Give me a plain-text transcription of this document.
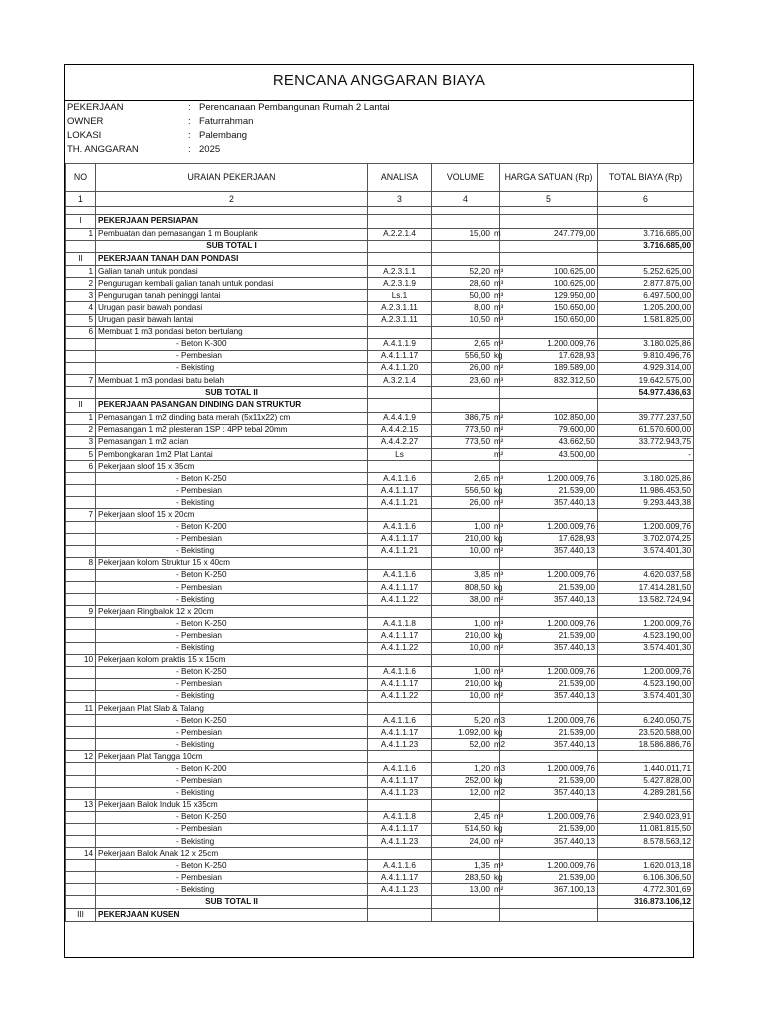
RENCANA ANGGARAN BIAYA
PEKERJAAN	: Perencanaan Pembangunan Rumah 2 Lantai
OWNER	: Faturrahman
LOKASI	: Palembang
TH. ANGGARAN	: 2025
NO	URAIAN PEKERJAAN	ANALISA	VOLUME	HARGA SATUAN (Rp)	TOTAL BIAYA (Rp)
1	2	3	4	5	6

I	PEKERJAAN PERSIAPAN				
1	Pembuatan dan pemasangan 1 m Bouplank	A.2.2.1.4	15,00 m	247.779,00	3.716.685,00
	SUB TOTAL I				3.716.685,00
II	PEKERJAAN TANAH DAN PONDASI				
1	Galian tanah untuk pondasi	A.2.3.1.1	52,20 m³	100.625,00	5.252.625,00
2	Pengurugan kembali galian tanah untuk pondasi	A.2.3.1.9	28,60 m³	100.625,00	2.877.875,00
3	Pengurugan tanah peninggi lantai	Ls.1	50,00 m³	129.950,00	6.497.500,00
4	Urugan pasir bawah pondasi	A.2.3.1.11	8,00 m³	150.650,00	1.205.200,00
5	Urugan pasir bawah lantai	A.2.3.1.11	10,50 m³	150.650,00	1.581.825,00
6	Membuat 1 m3 pondasi beton bertulang				
	- Beton K-300	A.4.1.1.9	2,65 m³	1.200.009,76	3.180.025,86
	- Pembesian	A.4.1.1.17	556,50 kg	17.628,93	9.810.496,76
	- Bekisting	A.4.1.1.20	26,00 m²	189.589,00	4.929.314,00
7	Membuat 1 m3 pondasi batu belah	A.3.2.1.4	23,60 m³	832.312,50	19.642.575,00
	SUB TOTAL II				54.977.436,63
II	PEKERJAAN PASANGAN DINDING DAN STRUKTUR				
1	Pemasangan 1 m2 dinding bata merah (5x11x22) cm	A.4.4.1.9	386,75 m²	102.850,00	39.777.237,50
2	Pemasangan 1 m2 plesteran 1SP : 4PP tebal 20mm	A.4.4.2.15	773,50 m²	79.600,00	61.570.600,00
3	Pemasangan 1 m2 acian	A.4.4.2.27	773,50 m²	43.662,50	33.772.943,75
5	Pembongkaran 1m2 Plat Lantai	Ls	m²	43.500,00	-
6	Pekerjaan sloof 15 x 35cm				
	- Beton K-250	A.4.1.1.6	2,65 m³	1.200.009,76	3.180.025,86
	- Pembesian	A.4.1.1.17	556,50 kg	21.539,00	11.986.453,50
	- Bekisting	A.4.1.1.21	26,00 m²	357.440,13	9.293.443,38
7	Pekerjaan sloof 15 x 20cm				
	- Beton K-200	A.4.1.1.6	1,00 m³	1.200.009,76	1.200.009,76
	- Pembesian	A.4.1.1.17	210,00 kg	17.628,93	3.702.074,25
	- Bekisting	A.4.1.1.21	10,00 m²	357.440,13	3.574.401,30
8	Pekerjaan kolom Struktur 15 x 40cm				
	- Beton K-250	A.4.1.1.6	3,85 m³	1.200.009,76	4.620.037,58
	- Pembesian	A.4.1.1.17	808,50 kg	21.539,00	17.414.281,50
	- Bekisting	A.4.1.1.22	38,00 m²	357.440,13	13.582.724,94
9	Pekerjaan Ringbalok 12 x 20cm				
	- Beton K-250	A.4.1.1.8	1,00 m³	1.200.009,76	1.200.009,76
	- Pembesian	A.4.1.1.17	210,00 kg	21.539,00	4.523.190,00
	- Bekisting	A.4.1.1.22	10,00 m²	357.440,13	3.574.401,30
10	Pekerjaan kolom praktis 15 x 15cm				
	- Beton K-250	A.4.1.1.6	1,00 m³	1.200.009,76	1.200.009,76
	- Pembesian	A.4.1.1.17	210,00 kg	21.539,00	4.523.190,00
	- Bekisting	A.4.1.1.22	10,00 m²	357.440,13	3.574.401,30
11	Pekerjaan Plat Slab & Talang				
	- Beton K-250	A.4.1.1.6	5,20 m3	1.200.009,76	6.240.050,75
	- Pembesian	A.4.1.1.17	1.092,00 kg	21.539,00	23.520.588,00
	- Bekisting	A.4.1.1.23	52,00 m2	357.440,13	18.586.886,76
12	Pekerjaan Plat Tangga 10cm				
	- Beton K-200	A.4.1.1.6	1,20 m3	1.200.009,76	1.440.011,71
	- Pembesian	A.4.1.1.17	252,00 kg	21.539,00	5.427.828,00
	- Bekisting	A.4.1.1.23	12,00 m2	357.440,13	4.289.281,56
13	Pekerjaan Balok Induk 15 x35cm				
	- Beton K-250	A.4.1.1.8	2,45 m³	1.200.009,76	2.940.023,91
	- Pembesian	A.4.1.1.17	514,50 kg	21.539,00	11.081.815,50
	- Bekisting	A.4.1.1.23	24,00 m²	357.440,13	8.578.563,12
14	Pekerjaan Balok Anak 12 x 25cm				
	- Beton K-250	A.4.1.1.6	1,35 m³	1.200.009,76	1.620.013,18
	- Pembesian	A.4.1.1.17	283,50 kg	21.539,00	6.106.306,50
	- Bekisting	A.4.1.1.23	13,00 m²	367.100,13	4.772.301,69
	SUB TOTAL II				316.873.106,12
III	PEKERJAAN KUSEN				
